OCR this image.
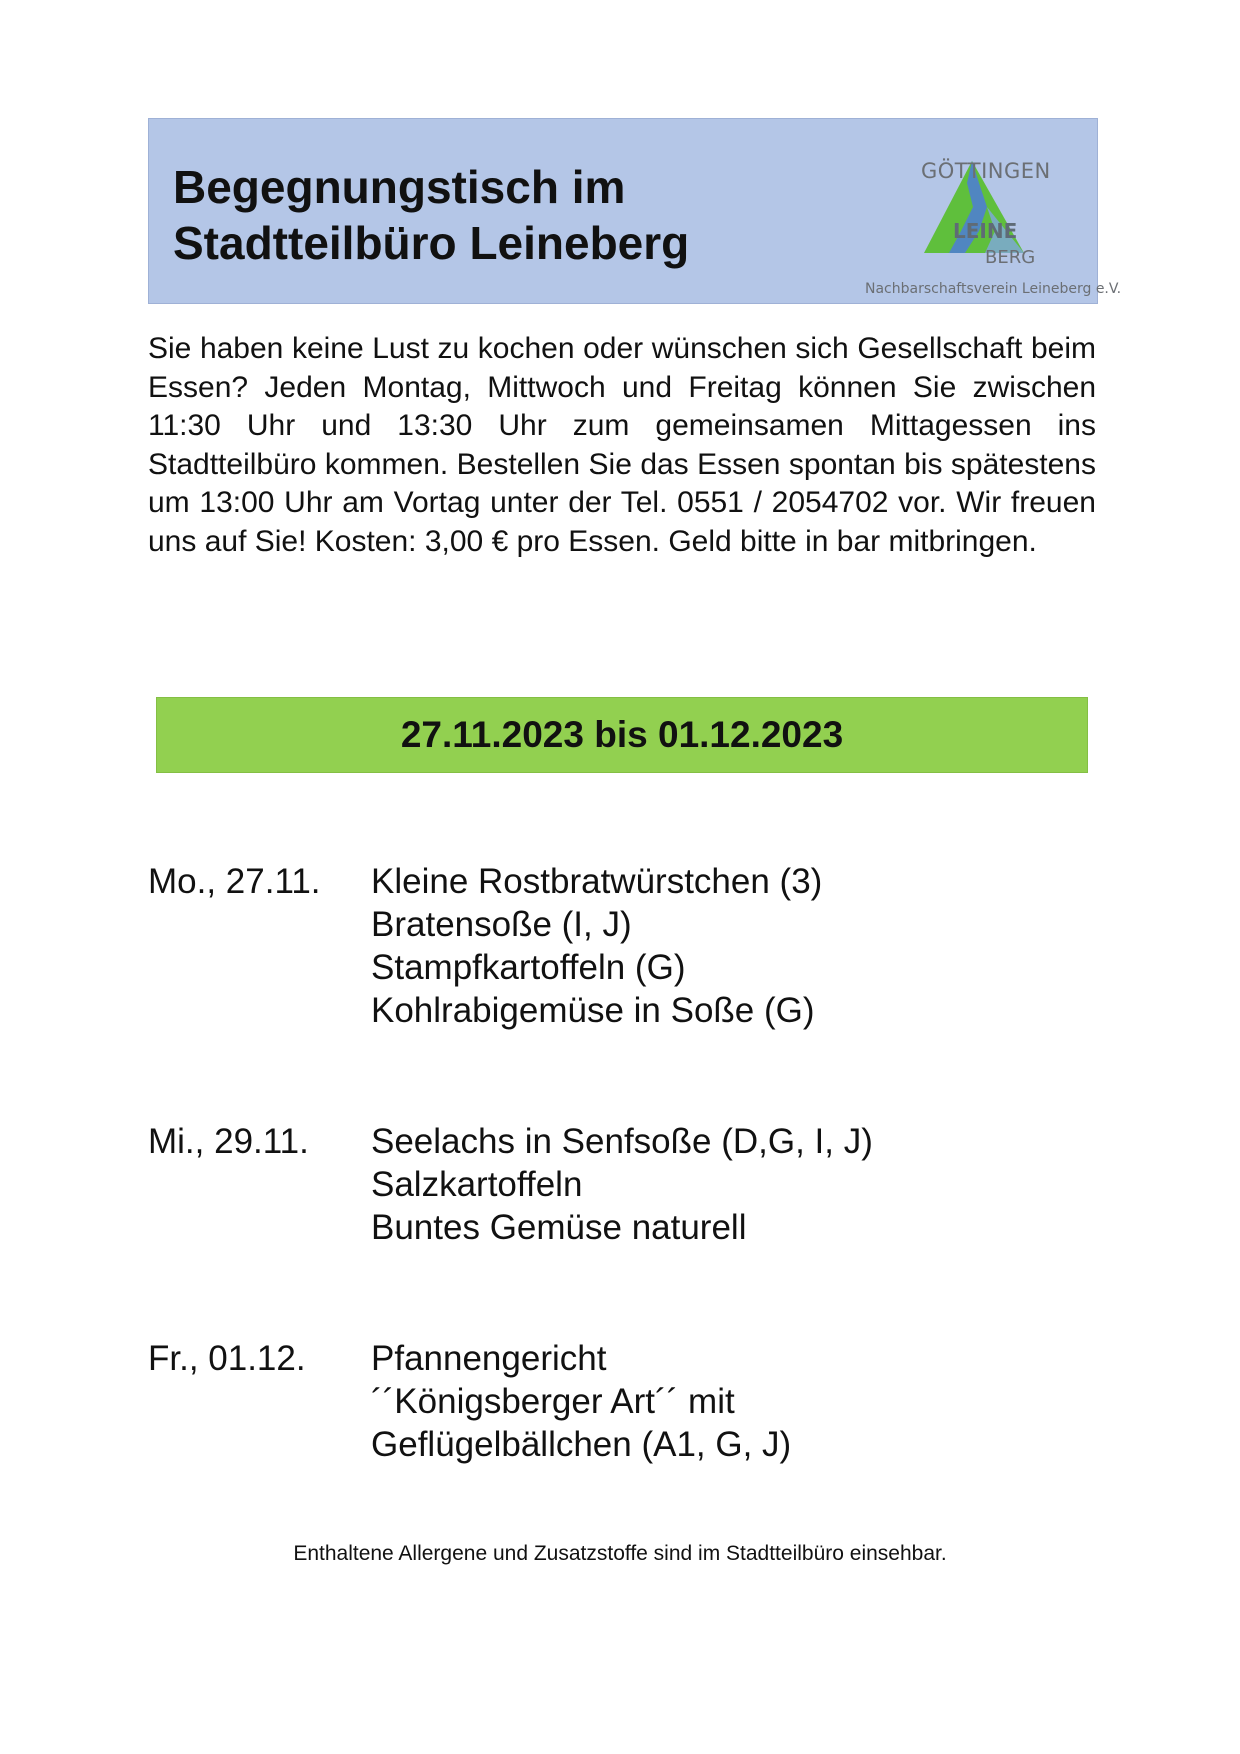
Begegnungstisch im
Stadtteilbüro Leineberg
GÖTTINGEN
LEINE
BERG
Nachbarschaftsverein Leineberg e.V.

Sie haben keine Lust zu kochen oder wünschen sich Gesellschaft beim Essen? Jeden Montag, Mittwoch und Freitag können Sie zwischen 11:30 Uhr und 13:30 Uhr zum gemeinsamen Mittagessen ins Stadtteilbüro kommen. Bestellen Sie das Essen spontan bis spätestens um 13:00 Uhr am Vortag unter der Tel. 0551 / 2054702 vor. Wir freuen uns auf Sie! Kosten: 3,00 € pro Essen. Geld bitte in bar mitbringen.

27.11.2023 bis 01.12.2023
Mo., 27.11. Kleine Rostbratwürstchen (3)
Bratensoße (I, J)
Stampfkartoffeln (G)
Kohlrabigemüse in Soße (G)
Mi., 29.11. Seelachs in Senfsoße (D,G, I, J)
Salzkartoffeln
Buntes Gemüse naturell
Fr., 01.12. Pfannengericht
´´Königsberger Art´´ mit
Geflügelbällchen (A1, G, J)
Enthaltene Allergene und Zusatzstoffe sind im Stadtteilbüro einsehbar.
